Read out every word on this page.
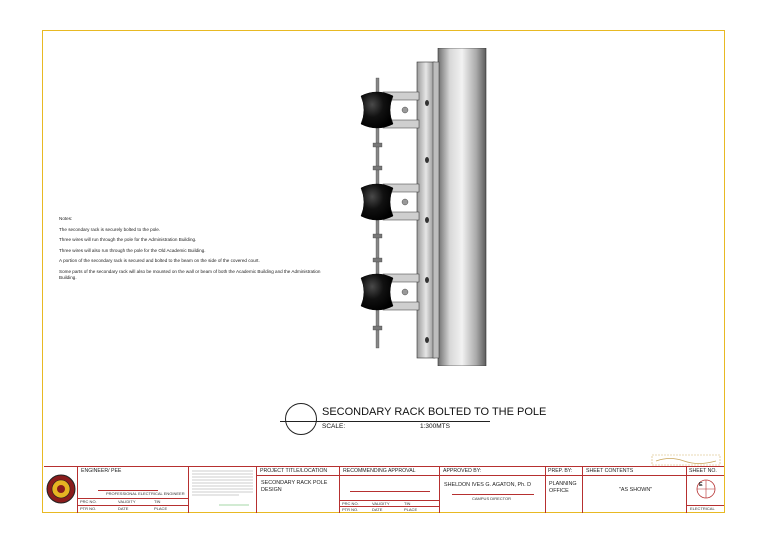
Notes:

The secondary rack is securely bolted to the pole.

Three wires will run through the pole for the Administration Building.

Three wires will also run through the pole for the Old Academic Building.

A portion of the secondary rack is secured and bolted to the beam on the side of the covered court.

Some parts of the secondary rack will also be mounted on the wall or beam of both the Academic Building and the Administration Building.

SECONDARY RACK BOLTED TO THE POLE
SCALE:	1:300MTS
ENGINEER/ PEE
PROFESSIONAL ELECTRICAL ENGINEER
PRC NO.	VALIDITY	TIN
PTR NO.	DATE	PLACE
PROJECT TITLE/LOCATION
SECONDARY RACK POLE DESIGN
RECOMMENDING APPROVAL
PRC NO.	VALIDITY	TIN
PTR NO.	DATE	PLACE
APPROVED BY:
SHELDON IVES G. AGATON, Ph. D
CAMPUS DIRECTOR
PREP. BY:
PLANNING OFFICE
SHEET CONTENTS
"AS SHOWN"
SHEET NO.
E
ELECTRICAL
